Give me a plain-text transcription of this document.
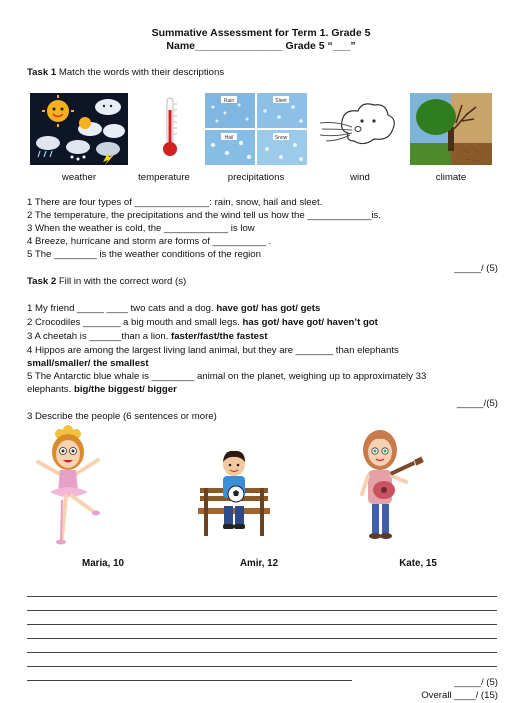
Summative Assessment for Term 1. Grade 5
Name_______________ Grade 5 “___”
Task 1 Match the words with their descriptions
Rain	Sleet
Hail	Snow
weather	temperature	precipitations	wind	climate
1 There are four types of ______________: rain, snow, hail and sleet.
2 The temperature, the precipitations and the wind tell us how the ____________is.
3 When the weather is cold, the ____________ is low
4 Breeze, hurricane and storm are forms of __________ .
5 The ________ is the weather conditions of the region
_____/ (5)
Task 2 Fill in with the correct word (s)
1 My friend _____ ____ two cats and a dog. have got/ has got/ gets
2 Crocodiles _______ a big mouth and small legs. has got/ have got/ haven’t got
3 A cheetah is ______than a lion. faster/fast/the fastest
4 Hippos are among the largest living land animal, but they are _______ than elephants
small/smaller/ the smallest
5 The Antarctic blue whale is ________ animal on the planet, weighing up to approximately 33
elephants. big/the biggest/ bigger
_____/(5)
3 Describe the people (6 sentences or more)
Maria, 10	Amir, 12	Kate, 15
_____/ (5)
Overall ____/ (15)
